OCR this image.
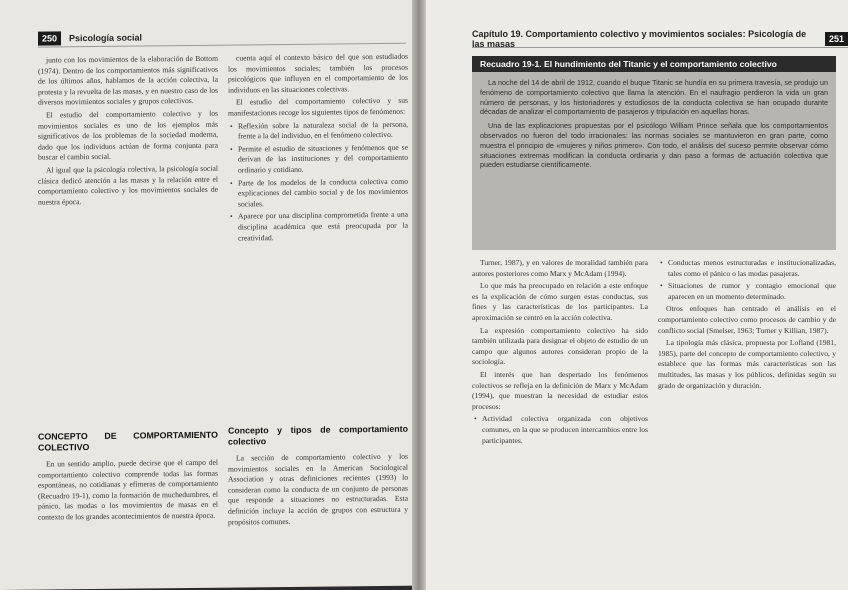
250	Psicología social

junto con los movimientos de la elaboración de Bottom (1974). Dentro de los comportamientos más significativos de los últimos años, hablamos de la acción colectiva, la protesta y la revuelta de las masas, y en nuestro caso de los diversos movimientos sociales y grupos colectivos.

El estudio del comportamiento colectivo y los movimientos sociales es uno de los ejemplos más significativos de los problemas de la sociedad moderna, dado que los individuos actúan de forma conjunta para buscar el cambio social.

Al igual que la psicología colectiva, la psicología social clásica dedicó atención a las masas y la relación entre el comportamiento colectivo y los movimientos sociales de nuestra época.

cuenta aquí el contexto básico del que son estudiados los movimientos sociales; también los procesos psicológicos que influyen en el comportamiento de los individuos en las situaciones colectivas.

El estudio del comportamiento colectivo y sus manifestaciones recoge los siguientes tipos de fenómenos:

• Reflexión sobre la naturaleza social de la persona, frente a la del individuo, en el fenómeno colectivo.
• Permite el estudio de situaciones y fenómenos que se derivan de las instituciones y del comportamiento ordinario y cotidiano.
• Parte de los modelos de la conducta colectiva como explicaciones del cambio social y de los movimientos sociales.
• Aparece por una disciplina comprometida frente a una disciplina académica que está preocupada por la creatividad.
CONCEPTO DE COMPORTAMIENTO COLECTIVO

En un sentido amplio, puede decirse que el campo del comportamiento colectivo comprende todas las formas espontáneas, no cotidianas y efímeras de comportamiento (Recuadro 19-1), como la formación de muchedumbres, el pánico, las modas o los movimientos de masas en el contexto de los grandes acontecimientos de nuestra época.

Concepto y tipos de comportamiento colectivo

La sección de comportamiento colectivo y los movimientos sociales en la American Sociological Association y otras definiciones recientes (1993) lo consideran como la conducta de un conjunto de personas que responde a situaciones no estructuradas. Esta definición incluye la acción de grupos con estructura y propósitos comunes.

Capítulo 19. Comportamiento colectivo y movimientos sociales: Psicología de las masas	251
Recuadro 19-1. El hundimiento del Titanic y el comportamiento colectivo

La noche del 14 de abril de 1912, cuando el buque Titanic se hundía en su primera travesía, se produjo un fenómeno de comportamiento colectivo que llama la atención. En el naufragio perdieron la vida un gran número de personas, y los historiadores y estudiosos de la conducta colectiva se han ocupado durante décadas de analizar el comportamiento de pasajeros y tripulación en aquellas horas.

Una de las explicaciones propuestas por el psicólogo William Prince señala que los comportamientos observados no fueron del todo irracionales: las normas sociales se mantuvieron en gran parte, como muestra el principio de «mujeres y niños primero». Con todo, el análisis del suceso permite observar cómo situaciones extremas modifican la conducta ordinaria y dan paso a formas de actuación colectiva que pueden estudiarse científicamente.

Turner, 1987), y en valores de moralidad también para autores posteriores como Marx y McAdam (1994).

Lo que más ha preocupado en relación a este enfoque es la explicación de cómo surgen estas conductas, sus fines y las características de los participantes. La aproximación se centró en la acción colectiva.

La expresión comportamiento colectivo ha sido también utilizada para designar el objeto de estudio de un campo que algunos autores consideran propio de la sociología.

El interés que han despertado los fenómenos colectivos se refleja en la definición de Marx y McAdam (1994), que muestran la necesidad de estudiar estos procesos:

• Actividad colectiva organizada con objetivos comunes, en la que se producen intercambios entre los participantes.
• Conductas menos estructuradas e institucionalizadas, tales como el pánico o las modas pasajeras.
• Situaciones de rumor y contagio emocional que aparecen en un momento determinado.

Otros enfoques han centrado el análisis en el comportamiento colectivo como procesos de cambio y de conflicto social (Smelser, 1963; Turner y Killian, 1987).

La tipología más clásica, propuesta por Lofland (1981, 1985), parte del concepto de comportamiento colectivo, y establece que las formas más características son las multitudes, las masas y los públicos, definidas según su grado de organización y duración.
